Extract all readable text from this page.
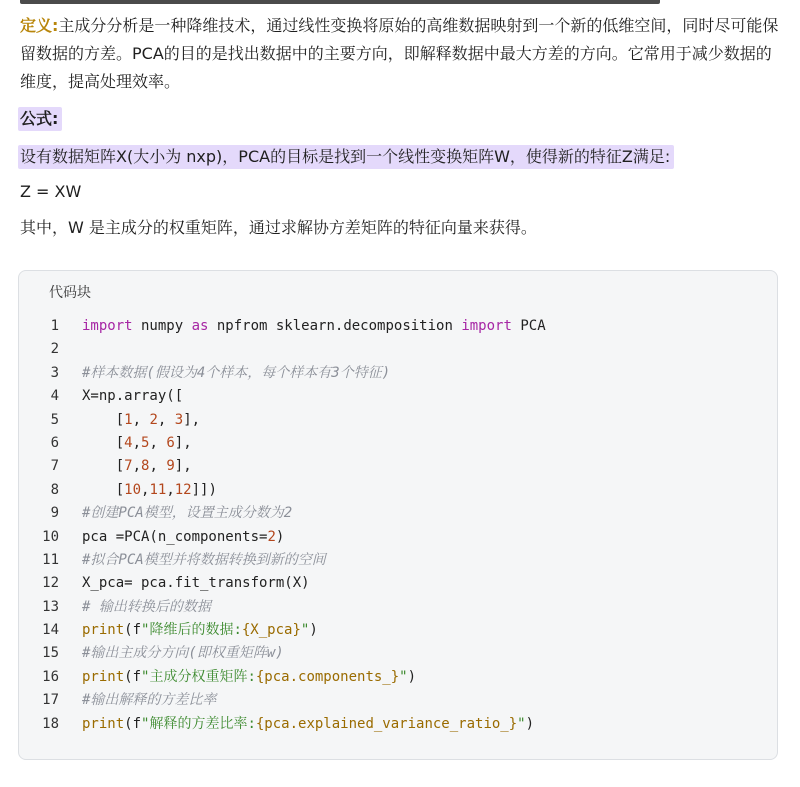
定义:主成分分析是一种降维技术，通过线性变换将原始的高维数据映射到一个新的低维空间，同时尽可能保留数据的方差。PCA的目的是找出数据中的主要方向，即解释数据中最大方差的方向。它常用于减少数据的维度，提高处理效率。

公式:
设有数据矩阵X(大小为 nxp)，PCA的目标是找到一个线性变换矩阵W，使得新的特征Z满足:

Z = XW

其中，W 是主成分的权重矩阵，通过求解协方差矩阵的特征向量来获得。

代码块
1 import numpy as npfrom sklearn.decomposition import PCA
2
3 #样本数据(假设为4个样本，每个样本有3个特征)
4 X=np.array([
5 [1, 2, 3],
6 [4,5, 6],
7 [7,8, 9],
8 [10,11,12]])
9 #创建PCA模型，设置主成分数为2
10 pca =PCA(n_components=2)
11 #拟合PCA模型并将数据转换到新的空间
12 X_pca= pca.fit_transform(X)
13 # 输出转换后的数据
14 print(f"降维后的数据:{X_pca}")
15 #输出主成分方向(即权重矩阵w)
16 print(f"主成分权重矩阵:{pca.components_}")
17 #输出解释的方差比率
18 print(f"解释的方差比率:{pca.explained_variance_ratio_}")
